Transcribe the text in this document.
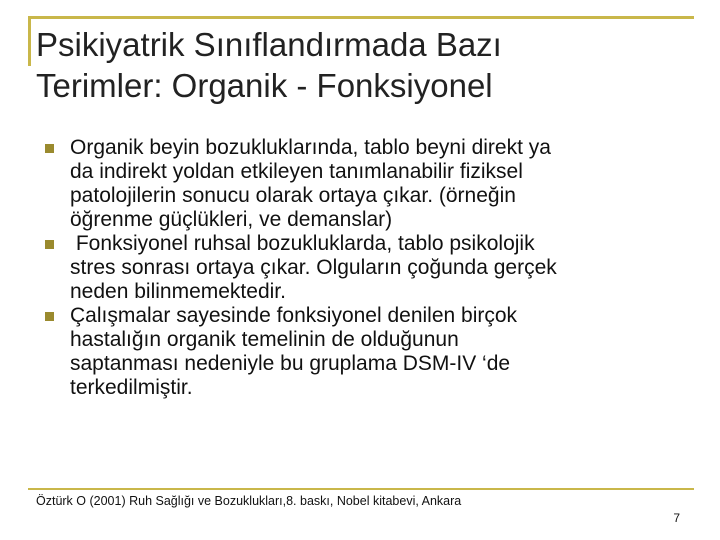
Psikiyatrik Sınıflandırmada Bazı
Terimler: Organik - Fonksiyonel
Organik beyin bozukluklarında, tablo beyni direkt ya
da indirekt yoldan etkileyen tanımlanabilir fiziksel
patolojilerin sonucu olarak ortaya çıkar. (örneğin
öğrenme güçlükleri, ve demanslar)
Fonksiyonel ruhsal bozukluklarda, tablo psikolojik
stres sonrası ortaya çıkar. Olguların çoğunda gerçek
neden bilinmemektedir.
Çalışmalar sayesinde fonksiyonel denilen birçok
hastalığın organik temelinin de olduğunun
saptanması nedeniyle bu gruplama DSM-IV ‘de
terkedilmiştir.
Öztürk O (2001) Ruh Sağlığı ve Bozuklukları,8. baskı, Nobel kitabevi, Ankara
7
